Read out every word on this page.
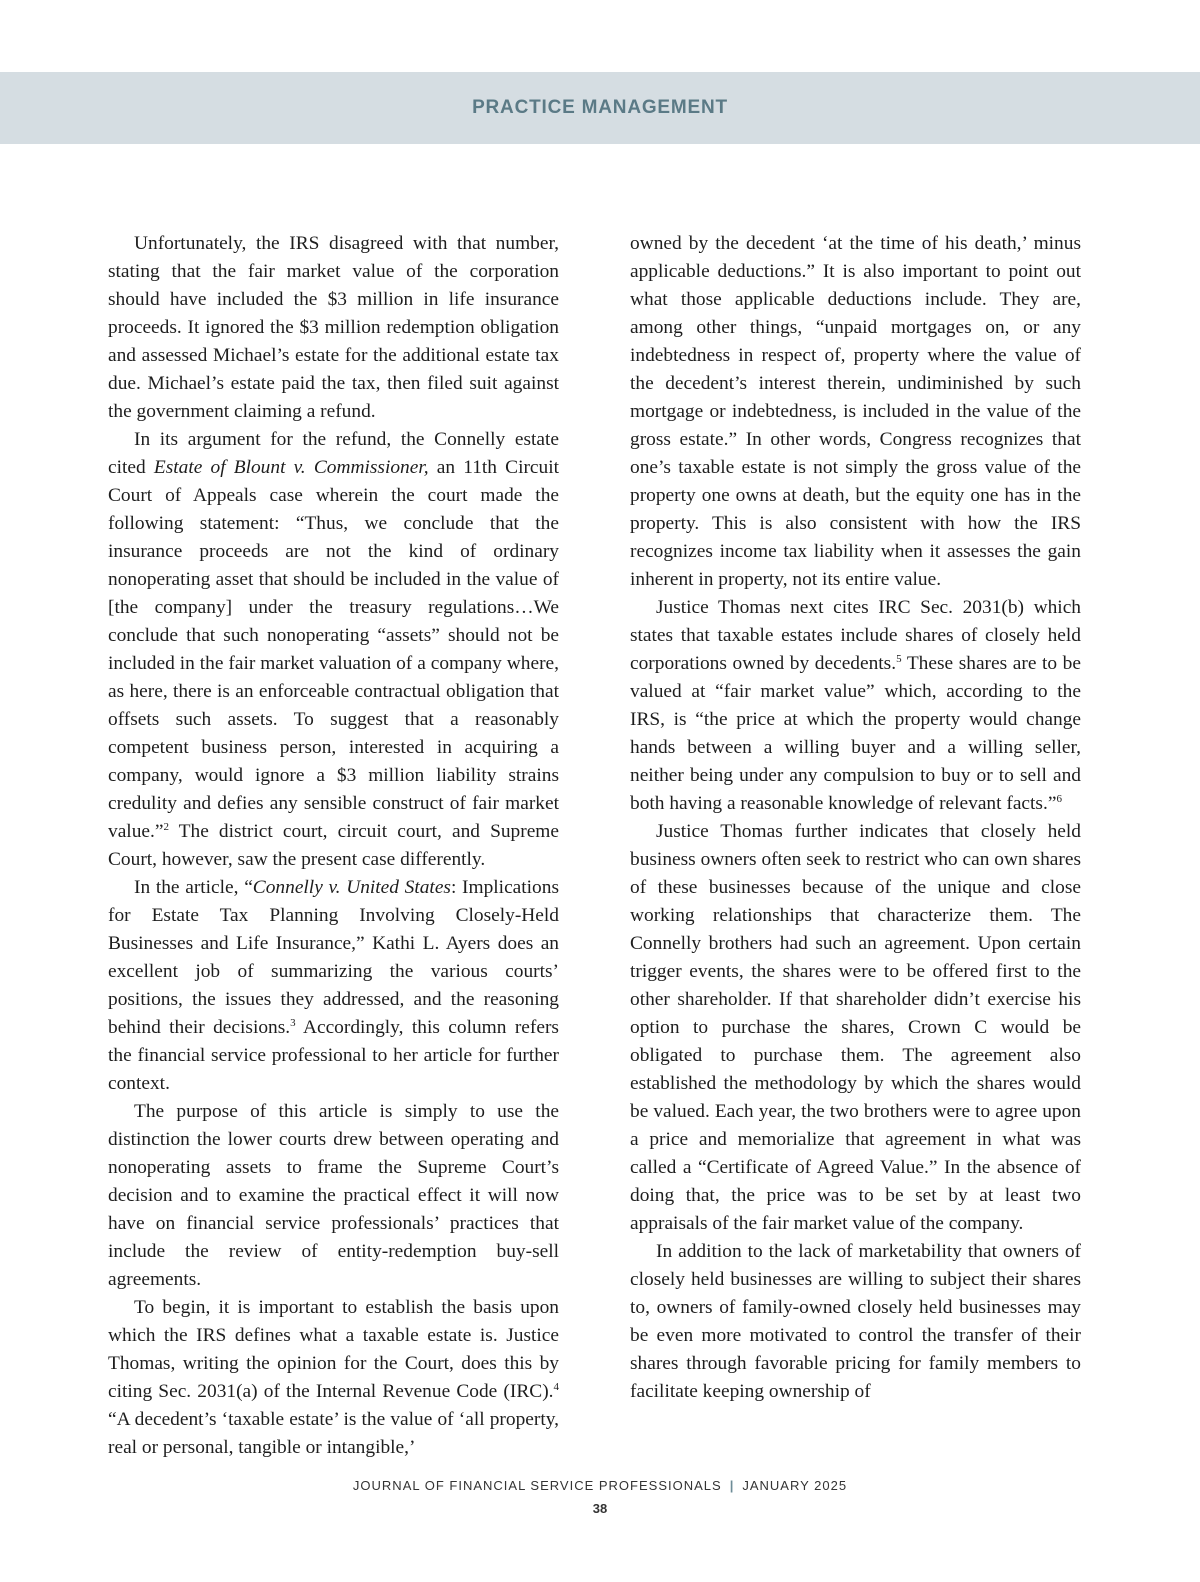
PRACTICE MANAGEMENT

Unfortunately, the IRS disagreed with that number, stating that the fair market value of the corporation should have included the $3 million in life insurance proceeds. It ignored the $3 million redemption obligation and assessed Michael’s estate for the additional estate tax due. Michael’s estate paid the tax, then filed suit against the government claiming a refund.

In its argument for the refund, the Connelly estate cited Estate of Blount v. Commissioner, an 11th Circuit Court of Appeals case wherein the court made the following statement: “Thus, we conclude that the insurance proceeds are not the kind of ordinary nonoperating asset that should be included in the value of [the company] under the treasury regulations…We conclude that such nonoperating “assets” should not be included in the fair market valuation of a company where, as here, there is an enforceable contractual obligation that offsets such assets. To suggest that a reasonably competent business person, interested in acquiring a company, would ignore a $3 million liability strains credulity and defies any sensible construct of fair market value.”$^2$ The district court, circuit court, and Supreme Court, however, saw the present case differently.

In the article, “Connelly v. United States: Implications for Estate Tax Planning Involving Closely-Held Businesses and Life Insurance,” Kathi L. Ayers does an excellent job of summarizing the various courts’ positions, the issues they addressed, and the reasoning behind their decisions.$^3$ Accordingly, this column refers the financial service professional to her article for further context.

The purpose of this article is simply to use the distinction the lower courts drew between operating and nonoperating assets to frame the Supreme Court’s decision and to examine the practical effect it will now have on financial service professionals’ practices that include the review of entity-redemption buy-sell agreements.

To begin, it is important to establish the basis upon which the IRS defines what a taxable estate is. Justice Thomas, writing the opinion for the Court, does this by citing Sec. 2031(a) of the Internal Revenue Code (IRC).$^4$ “A decedent’s ‘taxable estate’ is the value of ‘all property, real or personal, tangible or intangible,’

owned by the decedent ‘at the time of his death,’ minus applicable deductions.” It is also important to point out what those applicable deductions include. They are, among other things, “unpaid mortgages on, or any indebtedness in respect of, property where the value of the decedent’s interest therein, undiminished by such mortgage or indebtedness, is included in the value of the gross estate.” In other words, Congress recognizes that one’s taxable estate is not simply the gross value of the property one owns at death, but the equity one has in the property. This is also consistent with how the IRS recognizes income tax liability when it assesses the gain inherent in property, not its entire value.

Justice Thomas next cites IRC Sec. 2031(b) which states that taxable estates include shares of closely held corporations owned by decedents.$^5$ These shares are to be valued at “fair market value” which, according to the IRS, is “the price at which the property would change hands between a willing buyer and a willing seller, neither being under any compulsion to buy or to sell and both having a reasonable knowledge of relevant facts.”$^6$

Justice Thomas further indicates that closely held business owners often seek to restrict who can own shares of these businesses because of the unique and close working relationships that characterize them. The Connelly brothers had such an agreement. Upon certain trigger events, the shares were to be offered first to the other shareholder. If that shareholder didn’t exercise his option to purchase the shares, Crown C would be obligated to purchase them. The agreement also established the methodology by which the shares would be valued. Each year, the two brothers were to agree upon a price and memorialize that agreement in what was called a “Certificate of Agreed Value.” In the absence of doing that, the price was to be set by at least two appraisals of the fair market value of the company.

In addition to the lack of marketability that owners of closely held businesses are willing to subject their shares to, owners of family-owned closely held businesses may be even more motivated to control the transfer of their shares through favorable pricing for family members to facilitate keeping ownership of

JOURNAL OF FINANCIAL SERVICE PROFESSIONALS | JANUARY 2025
38
